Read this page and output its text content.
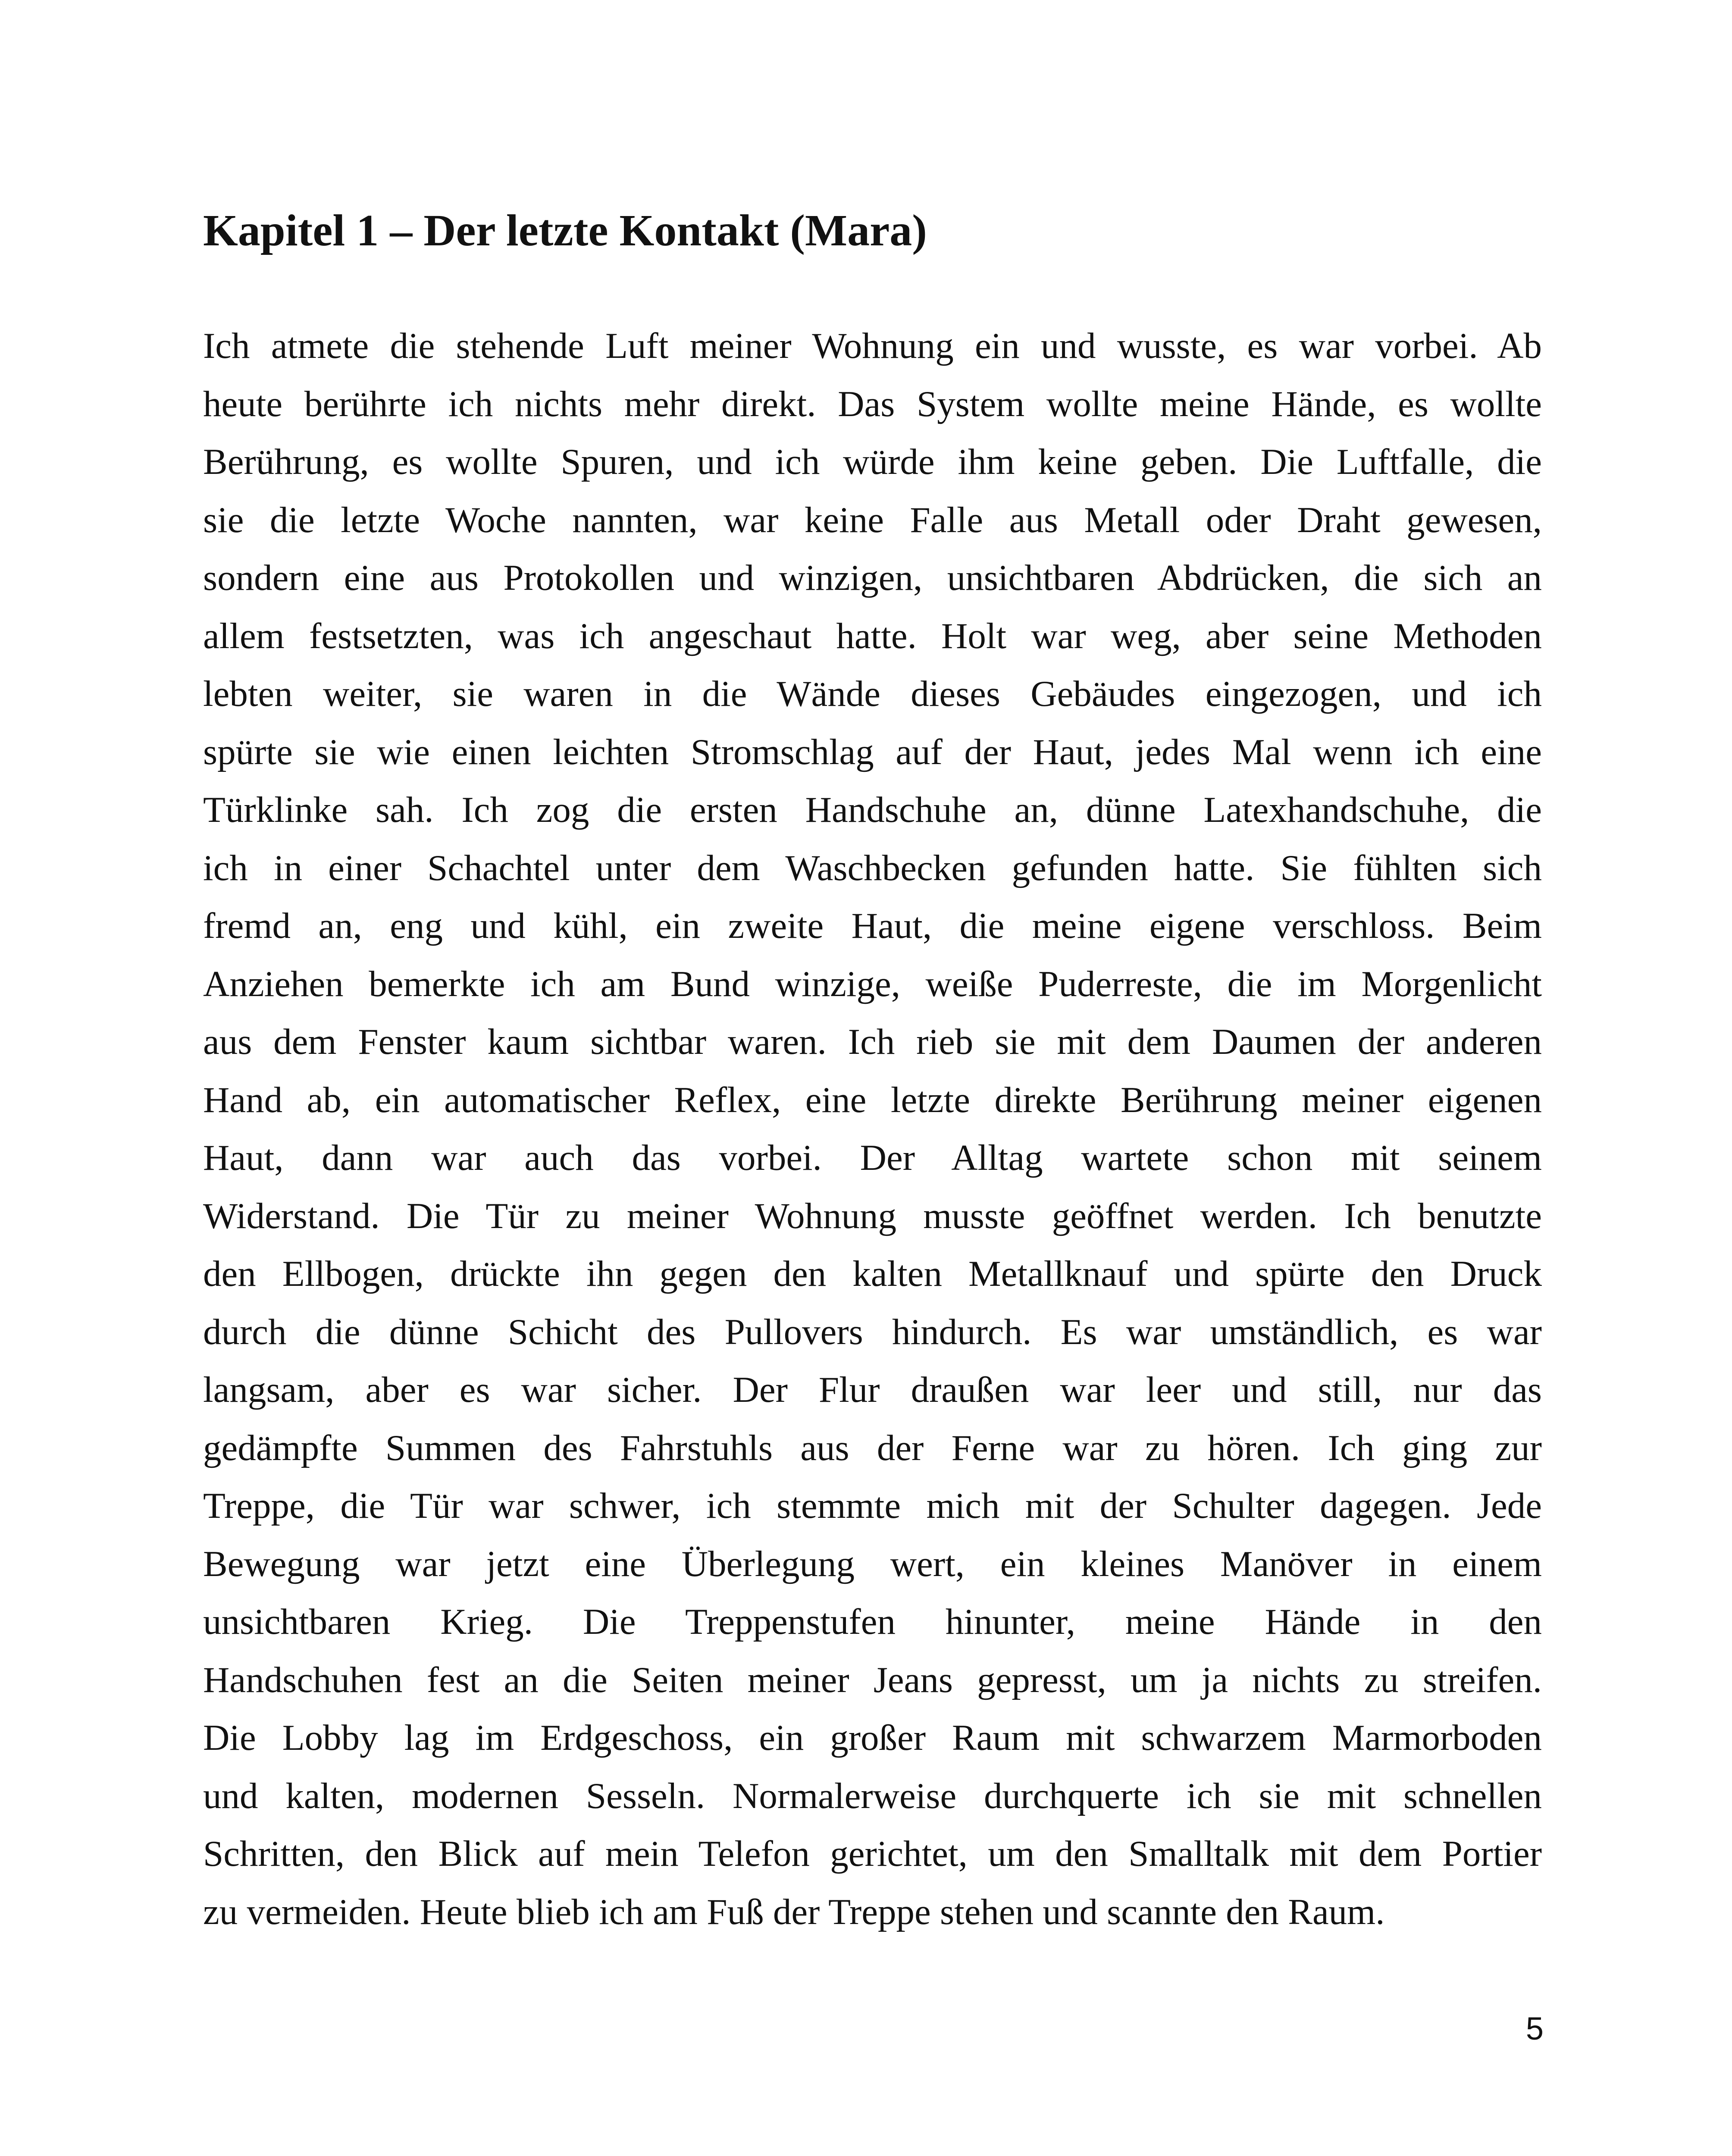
Kapitel 1 – Der letzte Kontakt (Mara)
Ich atmete die stehende Luft meiner Wohnung ein und wusste, es war vorbei. Ab
heute berührte ich nichts mehr direkt. Das System wollte meine Hände, es wollte
Berührung, es wollte Spuren, und ich würde ihm keine geben. Die Luftfalle, die
sie die letzte Woche nannten, war keine Falle aus Metall oder Draht gewesen,
sondern eine aus Protokollen und winzigen, unsichtbaren Abdrücken, die sich an
allem festsetzten, was ich angeschaut hatte. Holt war weg, aber seine Methoden
lebten weiter, sie waren in die Wände dieses Gebäudes eingezogen, und ich
spürte sie wie einen leichten Stromschlag auf der Haut, jedes Mal wenn ich eine
Türklinke sah. Ich zog die ersten Handschuhe an, dünne Latexhandschuhe, die
ich in einer Schachtel unter dem Waschbecken gefunden hatte. Sie fühlten sich
fremd an, eng und kühl, ein zweite Haut, die meine eigene verschloss. Beim
Anziehen bemerkte ich am Bund winzige, weiße Puderreste, die im Morgenlicht
aus dem Fenster kaum sichtbar waren. Ich rieb sie mit dem Daumen der anderen
Hand ab, ein automatischer Reflex, eine letzte direkte Berührung meiner eigenen
Haut, dann war auch das vorbei. Der Alltag wartete schon mit seinem
Widerstand. Die Tür zu meiner Wohnung musste geöffnet werden. Ich benutzte
den Ellbogen, drückte ihn gegen den kalten Metallknauf und spürte den Druck
durch die dünne Schicht des Pullovers hindurch. Es war umständlich, es war
langsam, aber es war sicher. Der Flur draußen war leer und still, nur das
gedämpfte Summen des Fahrstuhls aus der Ferne war zu hören. Ich ging zur
Treppe, die Tür war schwer, ich stemmte mich mit der Schulter dagegen. Jede
Bewegung war jetzt eine Überlegung wert, ein kleines Manöver in einem
unsichtbaren Krieg. Die Treppenstufen hinunter, meine Hände in den
Handschuhen fest an die Seiten meiner Jeans gepresst, um ja nichts zu streifen.
Die Lobby lag im Erdgeschoss, ein großer Raum mit schwarzem Marmorboden
und kalten, modernen Sesseln. Normalerweise durchquerte ich sie mit schnellen
Schritten, den Blick auf mein Telefon gerichtet, um den Smalltalk mit dem Portier
zu vermeiden. Heute blieb ich am Fuß der Treppe stehen und scannte den Raum.
5
